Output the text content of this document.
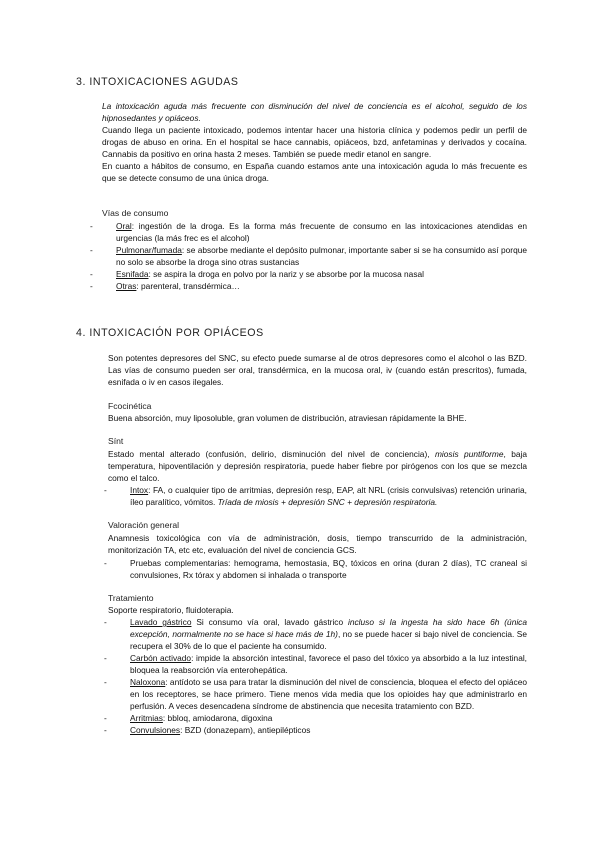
3. INTOXICACIONES AGUDAS

La intoxicación aguda más frecuente con disminución del nivel de conciencia es el alcohol, seguido de los hipnosedantes y opiáceos.

Cuando llega un paciente intoxicado, podemos intentar hacer una historia clínica y podemos pedir un perfil de drogas de abuso en orina. En el hospital se hace cannabis, opiáceos, bzd, anfetaminas y derivados y cocaína. Cannabis da positivo en orina hasta 2 meses. También se puede medir etanol en sangre.

En cuanto a hábitos de consumo, en España cuando estamos ante una intoxicación aguda lo más frecuente es que se detecte consumo de una única droga.

Vías de consumo
- Oral: ingestión de la droga. Es la forma más frecuente de consumo en las intoxicaciones atendidas en urgencias (la más frec es el alcohol)
- Pulmonar/fumada: se absorbe mediante el depósito pulmonar, importante saber si se ha consumido así porque no solo se absorbe la droga sino otras sustancias
- Esnifada: se aspira la droga en polvo por la nariz y se absorbe por la mucosa nasal
- Otras: parenteral, transdérmica…
4. INTOXICACIÓN POR OPIÁCEOS

Son potentes depresores del SNC, su efecto puede sumarse al de otros depresores como el alcohol o las BZD. Las vías de consumo pueden ser oral, transdérmica, en la mucosa oral, iv (cuando están prescritos), fumada, esnifada o iv en casos ilegales.

Fcocinética
Buena absorción, muy liposoluble, gran volumen de distribución, atraviesan rápidamente la BHE.
Sínt

Estado mental alterado (confusión, delirio, disminución del nivel de conciencia), miosis puntiforme, baja temperatura, hipoventilación y depresión respiratoria, puede haber fiebre por pirógenos con los que se mezcla como el talco.

- Intox: FA, o cualquier tipo de arritmias, depresión resp, EAP, alt NRL (crisis convulsivas) retención urinaria, íleo paralítico, vómitos. Tríada de miosis + depresión SNC + depresión respiratoria.
Valoración general
Anamnesis toxicológica con vía de administración, dosis, tiempo transcurrido de la administración, monitorización TA, etc etc, evaluación del nivel de conciencia GCS.
- Pruebas complementarias: hemograma, hemostasia, BQ, tóxicos en orina (duran 2 días), TC craneal si convulsiones, Rx tórax y abdomen si inhalada o transporte
Tratamiento
Soporte respiratorio, fluidoterapia.
- Lavado gástrico Si consumo vía oral, lavado gástrico incluso si la ingesta ha sido hace 6h (única excepción, normalmente no se hace si hace más de 1h), no se puede hacer si bajo nivel de conciencia. Se recupera el 30% de lo que el paciente ha consumido.
- Carbón activado: impide la absorción intestinal, favorece el paso del tóxico ya absorbido a la luz intestinal, bloquea la reabsorción vía enterohepática.
- Naloxona: antídoto se usa para tratar la disminución del nivel de consciencia, bloquea el efecto del opiáceo en los receptores, se hace primero. Tiene menos vida media que los opioides hay que administrarlo en perfusión. A veces desencadena síndrome de abstinencia que necesita tratamiento con BZD.
- Arritmias: bbloq, amiodarona, digoxina
- Convulsiones: BZD (donazepam), antiepilépticos
